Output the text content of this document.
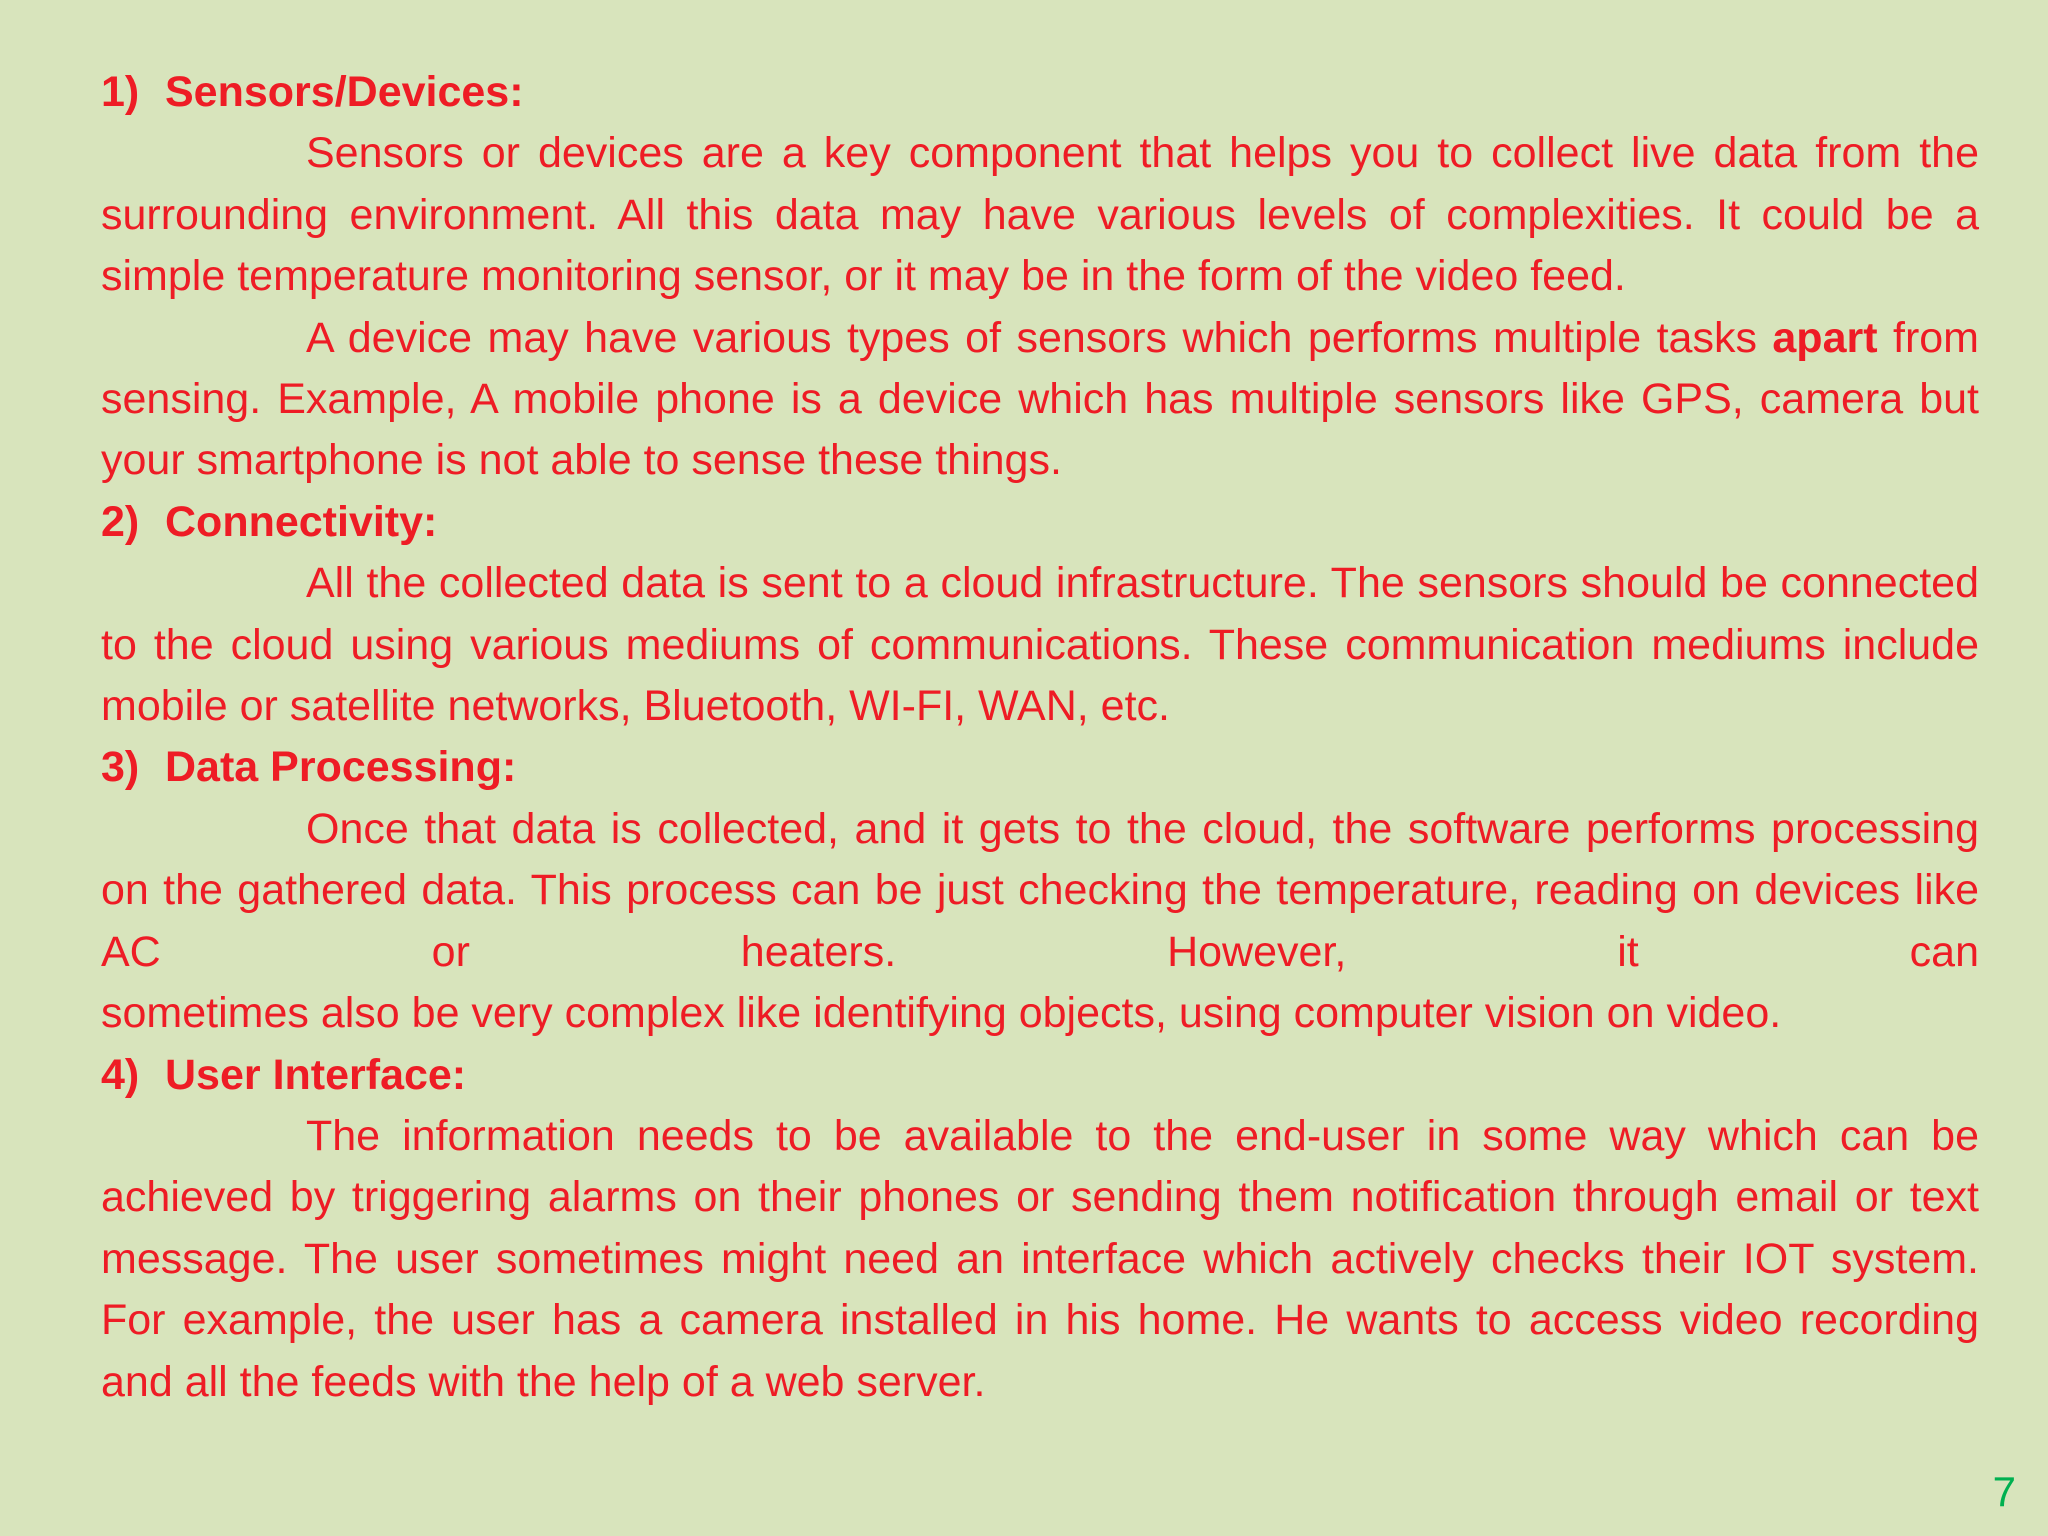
1) Sensors/Devices:

Sensors or devices are a key component that helps you to collect live data from the surrounding environment. All this data may have various levels of complexities. It could be a simple temperature monitoring sensor, or it may be in the form of the video feed.

A device may have various types of sensors which performs multiple tasks apart from sensing. Example, A mobile phone is a device which has multiple sensors like GPS, camera but your smartphone is not able to sense these things.

2) Connectivity:

All the collected data is sent to a cloud infrastructure. The sensors should be connected to the cloud using various mediums of communications. These communication mediums include mobile or satellite networks, Bluetooth, WI-FI, WAN, etc.

3) Data Processing:

Once that data is collected, and it gets to the cloud, the software performs processing on the gathered data. This process can be just checking the temperature, reading on devices like AC or heaters. However, it can

sometimes also be very complex like identifying objects, using computer vision on video.

4) User Interface:

The information needs to be available to the end-user in some way which can be achieved by triggering alarms on their phones or sending them notification through email or text message. The user sometimes might need an interface which actively checks their IOT system. For example, the user has a camera installed in his home. He wants to access video recording and all the feeds with the help of a web server.

7
